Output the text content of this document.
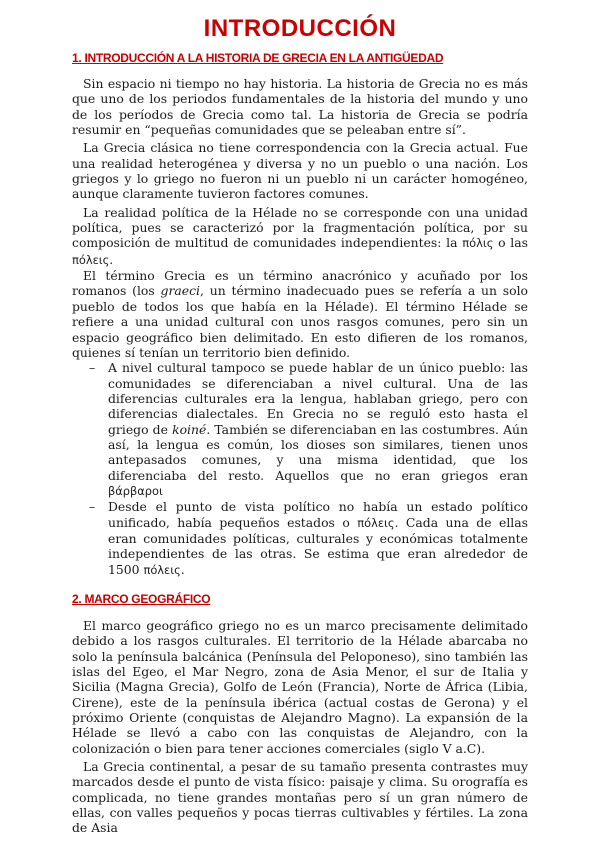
INTRODUCCIÓN
1. INTRODUCCIÓN A LA HISTORIA DE GRECIA EN LA ANTIGÜEDAD

Sin espacio ni tiempo no hay historia. La historia de Grecia no es más que uno de los periodos fundamentales de la historia del mundo y uno de los períodos de Grecia como tal. La historia de Grecia se podría resumir en “pequeñas comunidades que se peleaban entre sí”.

La Grecia clásica no tiene correspondencia con la Grecia actual. Fue una realidad heterogénea y diversa y no un pueblo o una nación. Los griegos y lo griego no fueron ni un pueblo ni un carácter homogéneo, aunque claramente tuvieron factores comunes.

La realidad política de la Hélade no se corresponde con una unidad política, pues se caracterizó por la fragmentación política, por su composición de multitud de comunidades independientes: la πόλις o las πόλεις.

El término Grecia es un término anacrónico y acuñado por los romanos (los graeci, un término inadecuado pues se refería a un solo pueblo de todos los que había en la Hélade). El término Hélade se refiere a una unidad cultural con unos rasgos comunes, pero sin un espacio geográfico bien delimitado. En esto difieren de los romanos, quienes sí tenían un territorio bien definido.

– A nivel cultural tampoco se puede hablar de un único pueblo: las comunidades se diferenciaban a nivel cultural. Una de las diferencias culturales era la lengua, hablaban griego, pero con diferencias dialectales. En Grecia no se reguló esto hasta el griego de koiné. También se diferenciaban en las costumbres. Aún así, la lengua es común, los dioses son similares, tienen unos antepasados comunes, y una misma identidad, que los diferenciaba del resto. Aquellos que no eran griegos eran βάρβαροι
– Desde el punto de vista político no había un estado político unificado, había pequeños estados o πόλεις. Cada una de ellas eran comunidades políticas, culturales y económicas totalmente independientes de las otras. Se estima que eran alrededor de 1500 πόλεις.
2. MARCO GEOGRÁFICO

El marco geográfico griego no es un marco precisamente delimitado debido a los rasgos culturales. El territorio de la Hélade abarcaba no solo la península balcánica (Península del Peloponeso), sino también las islas del Egeo, el Mar Negro, zona de Asia Menor, el sur de Italia y Sicilia (Magna Grecia), Golfo de León (Francia), Norte de África (Libia, Cirene), este de la península ibérica (actual costas de Gerona) y el próximo Oriente (conquistas de Alejandro Magno). La expansión de la Hélade se llevó a cabo con las conquistas de Alejandro, con la colonización o bien para tener acciones comerciales (siglo V a.C).

La Grecia continental, a pesar de su tamaño presenta contrastes muy marcados desde el punto de vista físico: paisaje y clima. Su orografía es complicada, no tiene grandes montañas pero sí un gran número de ellas, con valles pequeños y pocas tierras cultivables y fértiles. La zona de Asia
